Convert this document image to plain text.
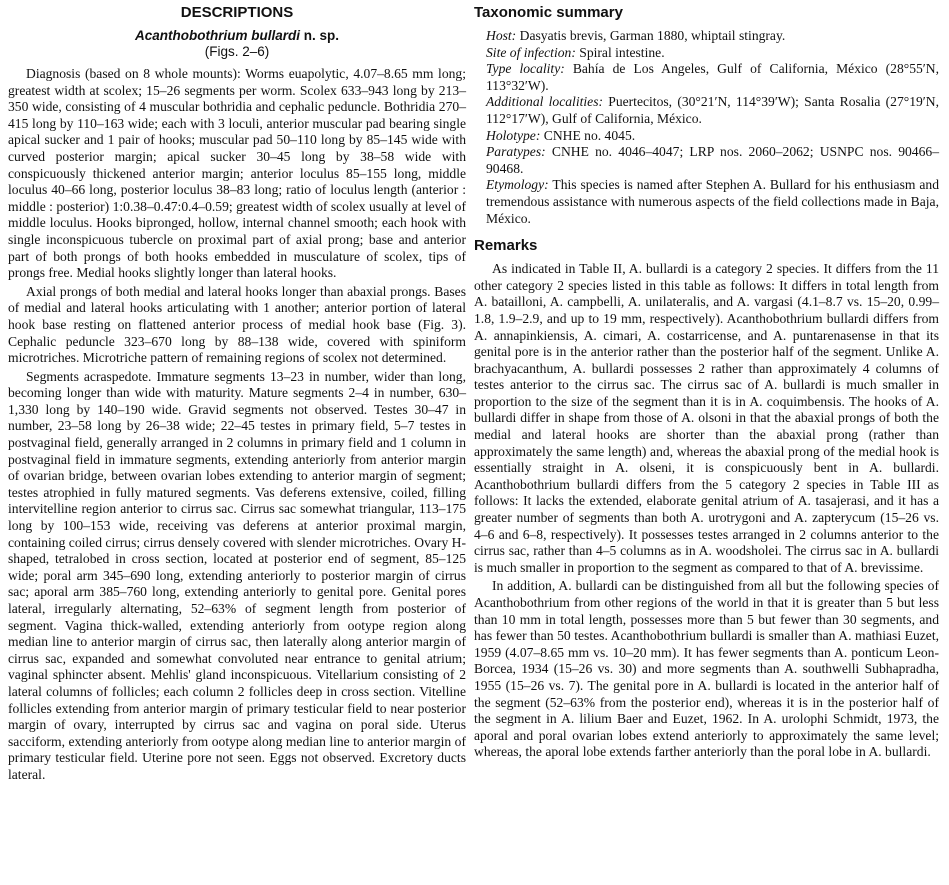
DESCRIPTIONS
Acanthobothrium bullardi n. sp.
(Figs. 2–6)

Diagnosis (based on 8 whole mounts): Worms euapolytic, 4.07–8.65 mm long; greatest width at scolex; 15–26 segments per worm. Scolex 633–943 long by 213–350 wide, consisting of 4 muscular bothridia and cephalic peduncle. Bothridia 270–415 long by 110–163 wide; each with 3 loculi, anterior muscular pad bearing single apical sucker and 1 pair of hooks; muscular pad 50–110 long by 85–145 wide with curved posterior margin; apical sucker 30–45 long by 38–58 wide with conspicuously thickened anterior margin; anterior loculus 85–155 long, middle loculus 40–66 long, posterior loculus 38–83 long; ratio of loculus length (anterior : middle : posterior) 1:0.38–0.47:0.4–0.59; greatest width of scolex usually at level of middle loculus. Hooks bipronged, hollow, internal channel smooth; each hook with single inconspicuous tubercle on proximal part of axial prong; base and anterior part of both prongs of both hooks embedded in musculature of scolex, tips of prongs free. Medial hooks slightly longer than lateral hooks.

Axial prongs of both medial and lateral hooks longer than abaxial prongs. Bases of medial and lateral hooks articulating with 1 another; anterior portion of lateral hook base resting on flattened anterior process of medial hook base (Fig. 3). Cephalic peduncle 323–670 long by 88–138 wide, covered with spiniform microtriches. Microtriche pattern of remaining regions of scolex not determined.

Segments acraspedote. Immature segments 13–23 in number, wider than long, becoming longer than wide with maturity. Mature segments 2–4 in number, 630–1,330 long by 140–190 wide. Gravid segments not observed. Testes 30–47 in number, 23–58 long by 26–38 wide; 22–45 testes in primary field, 5–7 testes in postvaginal field, generally arranged in 2 columns in primary field and 1 column in postvaginal field in immature segments, extending anteriorly from anterior margin of ovarian bridge, between ovarian lobes extending to anterior margin of segment; testes atrophied in fully matured segments. Vas deferens extensive, coiled, filling intervitelline region anterior to cirrus sac. Cirrus sac somewhat triangular, 113–175 long by 100–153 wide, receiving vas deferens at anterior proximal margin, containing coiled cirrus; cirrus densely covered with slender microtriches. Ovary H-shaped, tetralobed in cross section, located at posterior end of segment, 85–125 wide; poral arm 345–690 long, extending anteriorly to posterior margin of cirrus sac; aporal arm 385–760 long, extending anteriorly to genital pore. Genital pores lateral, irregularly alternating, 52–63% of segment length from posterior of segment. Vagina thick-walled, extending anteriorly from ootype region along median line to anterior margin of cirrus sac, then laterally along anterior margin of cirrus sac, expanded and somewhat convoluted near entrance to genital atrium; vaginal sphincter absent. Mehlis' gland inconspicuous. Vitellarium consisting of 2 lateral columns of follicles; each column 2 follicles deep in cross section. Vitelline follicles extending from anterior margin of primary testicular field to near posterior margin of ovary, interrupted by cirrus sac and vagina on poral side. Uterus sacciform, extending anteriorly from ootype along median line to anterior margin of primary testicular field. Uterine pore not seen. Eggs not observed. Excretory ducts lateral.

Taxonomic summary

Host: Dasyatis brevis, Garman 1880, whiptail stingray.

Site of infection: Spiral intestine.

Type locality: Bahía de Los Angeles, Gulf of California, México (28°55′N, 113°32′W).

Additional localities: Puertecitos, (30°21′N, 114°39′W); Santa Rosalia (27°19′N, 112°17′W), Gulf of California, México.

Holotype: CNHE no. 4045.

Paratypes: CNHE no. 4046–4047; LRP nos. 2060–2062; USNPC nos. 90466–90468.

Etymology: This species is named after Stephen A. Bullard for his enthusiasm and tremendous assistance with numerous aspects of the field collections made in Baja, México.

Remarks

As indicated in Table II, A. bullardi is a category 2 species. It differs from the 11 other category 2 species listed in this table as follows: It differs in total length from A. batailloni, A. campbelli, A. unilateralis, and A. vargasi (4.1–8.7 vs. 15–20, 0.99–1.8, 1.9–2.9, and up to 19 mm, respectively). Acanthobothrium bullardi differs from A. annapinkiensis, A. cimari, A. costarricense, and A. puntarenasense in that its genital pore is in the anterior rather than the posterior half of the segment. Unlike A. brachyacanthum, A. bullardi possesses 2 rather than approximately 4 columns of testes anterior to the cirrus sac. The cirrus sac of A. bullardi is much smaller in proportion to the size of the segment than it is in A. coquimbensis. The hooks of A. bullardi differ in shape from those of A. olsoni in that the abaxial prongs of both the medial and lateral hooks are shorter than the abaxial prong (rather than approximately the same length) and, whereas the abaxial prong of the medial hook is essentially straight in A. olseni, it is conspicuously bent in A. bullardi. Acanthobothrium bullardi differs from the 5 category 2 species in Table III as follows: It lacks the extended, elaborate genital atrium of A. tasajerasi, and it has a greater number of segments than both A. urotrygoni and A. zapterycum (15–26 vs. 4–6 and 6–8, respectively). It possesses testes arranged in 2 columns anterior to the cirrus sac, rather than 4–5 columns as in A. woodsholei. The cirrus sac in A. bullardi is much smaller in proportion to the segment as compared to that of A. brevissime.

In addition, A. bullardi can be distinguished from all but the following species of Acanthobothrium from other regions of the world in that it is greater than 5 but less than 10 mm in total length, possesses more than 5 but fewer than 30 segments, and has fewer than 50 testes. Acanthobothrium bullardi is smaller than A. mathiasi Euzet, 1959 (4.07–8.65 mm vs. 10–20 mm). It has fewer segments than A. ponticum Leon-Borcea, 1934 (15–26 vs. 30) and more segments than A. southwelli Subhapradha, 1955 (15–26 vs. 7). The genital pore in A. bullardi is located in the anterior half of the segment (52–63% from the posterior end), whereas it is in the posterior half of the segment in A. lilium Baer and Euzet, 1962. In A. urolophi Schmidt, 1973, the aporal and poral ovarian lobes extend anteriorly to approximately the same level; whereas, the aporal lobe extends farther anteriorly than the poral lobe in A. bullardi.
